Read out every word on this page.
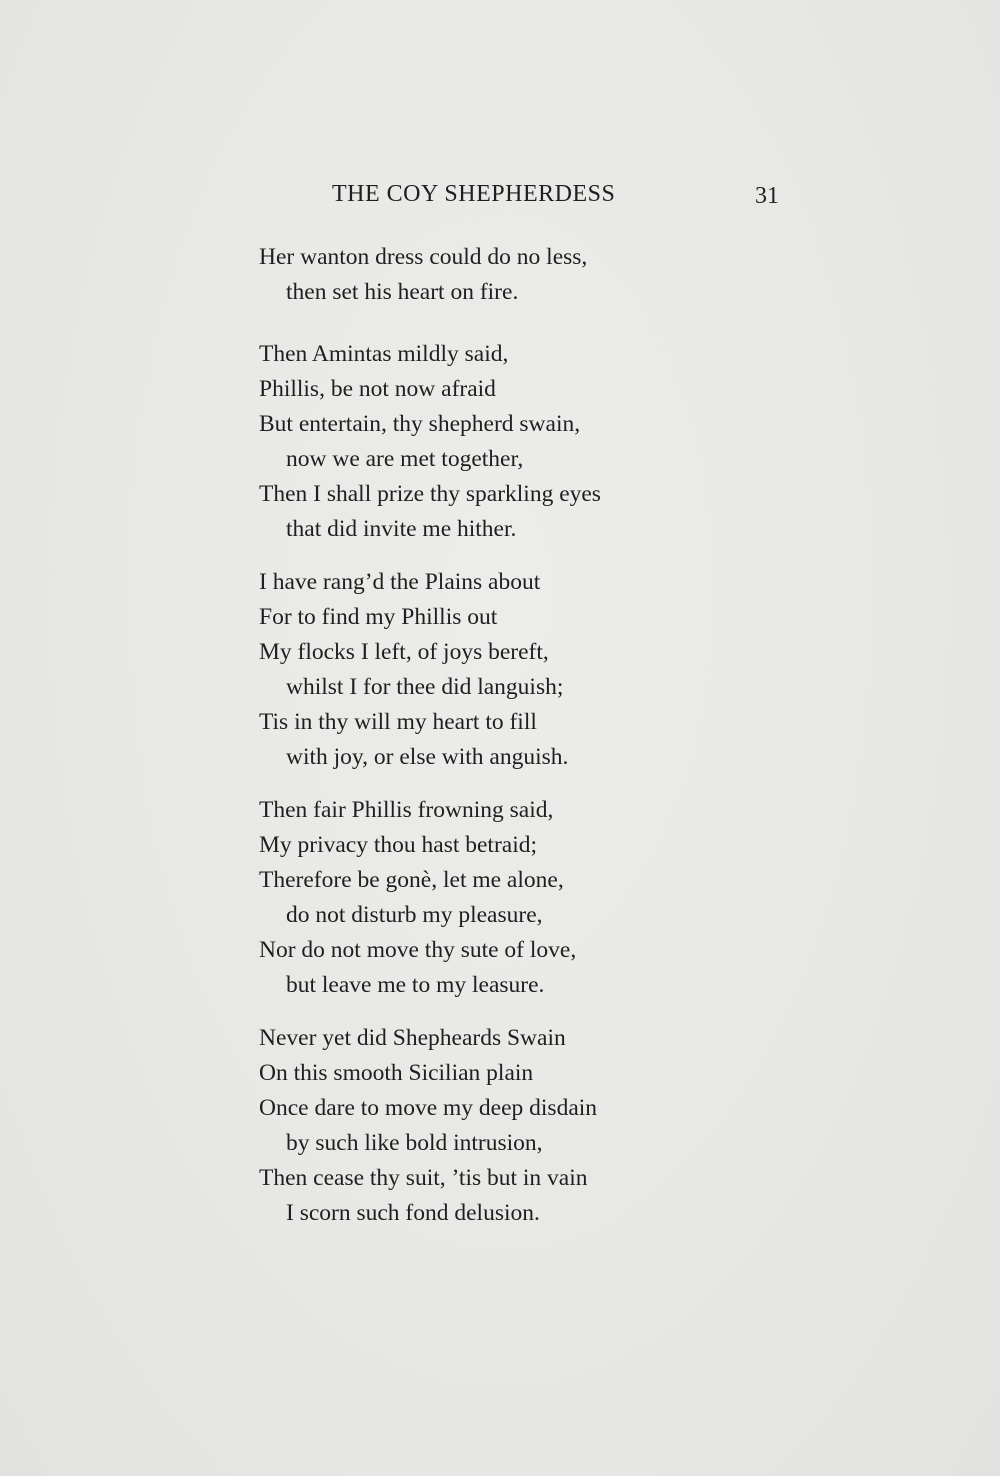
THE COY SHEPHERDESS	31
Her wanton dress could do no less,
then set his heart on fire.
Then Amintas mildly said,
Phillis, be not now afraid
But entertain, thy shepherd swain,
now we are met together,
Then I shall prize thy sparkling eyes
that did invite me hither.
I have rang’d the Plains about
For to find my Phillis out
My flocks I left, of joys bereft,
whilst I for thee did languish;
Tis in thy will my heart to fill
with joy, or else with anguish.
Then fair Phillis frowning said,
My privacy thou hast betraid;
Therefore be gonè, let me alone,
do not disturb my pleasure,
Nor do not move thy sute of love,
but leave me to my leasure.
Never yet did Shepheards Swain
On this smooth Sicilian plain
Once dare to move my deep disdain
by such like bold intrusion,
Then cease thy suit, ’tis but in vain
I scorn such fond delusion.
